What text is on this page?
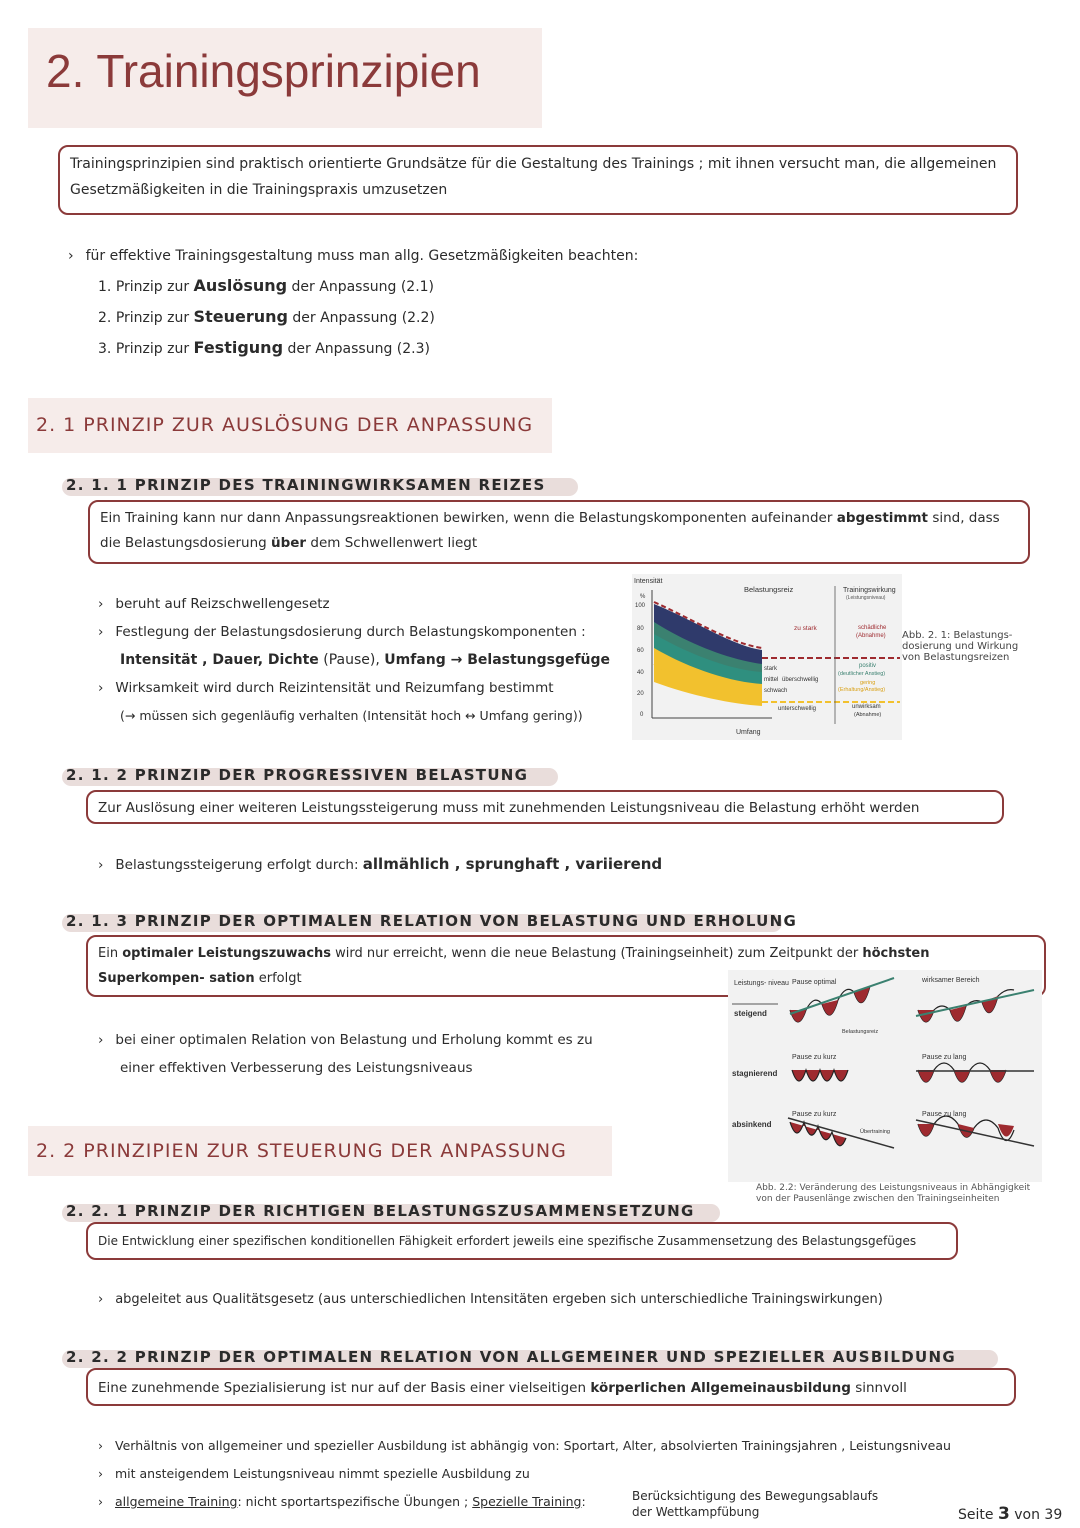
2. Trainingsprinzipien
Trainingsprinzipien sind praktisch orientierte Grundsätze für die Gestaltung des Trainings ; mit ihnen versucht man, die allgemeinen Gesetzmäßigkeiten in die Trainingspraxis umzusetzen
› für effektive Trainingsgestaltung muss man allg. Gesetzmäßigkeiten beachten:
1. Prinzip zur Auslösung der Anpassung (2.1)
2. Prinzip zur Steuerung der Anpassung (2.2)
3. Prinzip zur Festigung der Anpassung (2.3)
2. 1 PRINZIP ZUR AUSLÖSUNG DER ANPASSUNG
2. 1. 1 PRINZIP DES TRAININGWIRKSAMEN REIZES
Ein Training kann nur dann Anpassungsreaktionen bewirken, wenn die Belastungskomponenten aufeinander abgestimmt sind, dass die Belastungsdosierung über dem Schwellenwert liegt
› beruht auf Reizschwellengesetz
› Festlegung der Belastungsdosierung durch Belastungskomponenten :
Intensität , Dauer, Dichte (Pause), Umfang → Belastungsgefüge
› Wirksamkeit wird durch Reizintensität und Reizumfang bestimmt
(→ müssen sich gegenläufig verhalten (Intensität hoch ↔ Umfang gering))
Intensität
%
100
80
60
40
20
0
Belastungsreiz	Trainingswirkung
(Leistungsniveau)
zu stark	schädliche
(Abnahme)
stark
mittel überschwellig
schwach
positiv
(deutlicher Anstieg)
gering
(Erhaltung/Anstieg)
unterschwellig	unwirksam
(Abnahme)
Umfang
Abb. 2. 1: Belastungs- dosierung und Wirkung von Belastungsreizen
2. 1. 2 PRINZIP DER PROGRESSIVEN BELASTUNG
Zur Auslösung einer weiteren Leistungssteigerung muss mit zunehmenden Leistungsniveau die Belastung erhöht werden
› Belastungssteigerung erfolgt durch: allmählich , sprunghaft , variierend
2. 1. 3 PRINZIP DER OPTIMALEN RELATION VON BELASTUNG UND ERHOLUNG
Ein optimaler Leistungszuwachs wird nur erreicht, wenn die neue Belastung (Trainingseinheit) zum Zeitpunkt der höchsten Superkompen- sation erfolgt
› bei einer optimalen Relation von Belastung und Erholung kommt es zu
einer effektiven Verbesserung des Leistungsniveaus
Leistungs- niveau
steigend
stagnierend
absinkend
Pause optimal	wirksamer Bereich
Belastungsreiz
Pause zu kurz	Pause zu lang
Pause zu kurz	Pause zu lang
Übertraining
Abb. 2.2: Veränderung des Leistungsniveaus in Abhängigkeit von der Pausenlänge zwischen den Trainingseinheiten
2. 2 PRINZIPIEN ZUR STEUERUNG DER ANPASSUNG
2. 2. 1 PRINZIP DER RICHTIGEN BELASTUNGSZUSAMMENSETZUNG
Die Entwicklung einer spezifischen konditionellen Fähigkeit erfordert jeweils eine spezifische Zusammensetzung des Belastungsgefüges
› abgeleitet aus Qualitätsgesetz (aus unterschiedlichen Intensitäten ergeben sich unterschiedliche Trainingswirkungen)
2. 2. 2 PRINZIP DER OPTIMALEN RELATION VON ALLGEMEINER UND SPEZIELLER AUSBILDUNG
Eine zunehmende Spezialisierung ist nur auf der Basis einer vielseitigen körperlichen Allgemeinausbildung sinnvoll
› Verhältnis von allgemeiner und spezieller Ausbildung ist abhängig von: Sportart, Alter, absolvierten Trainingsjahren , Leistungsniveau
› mit ansteigendem Leistungsniveau nimmt spezielle Ausbildung zu
› allgemeine Training: nicht sportartspezifische Übungen ; Spezielle Training:	Berücksichtigung des Bewegungsablaufs
der Wettkampfübung	Seite 3 von 39
